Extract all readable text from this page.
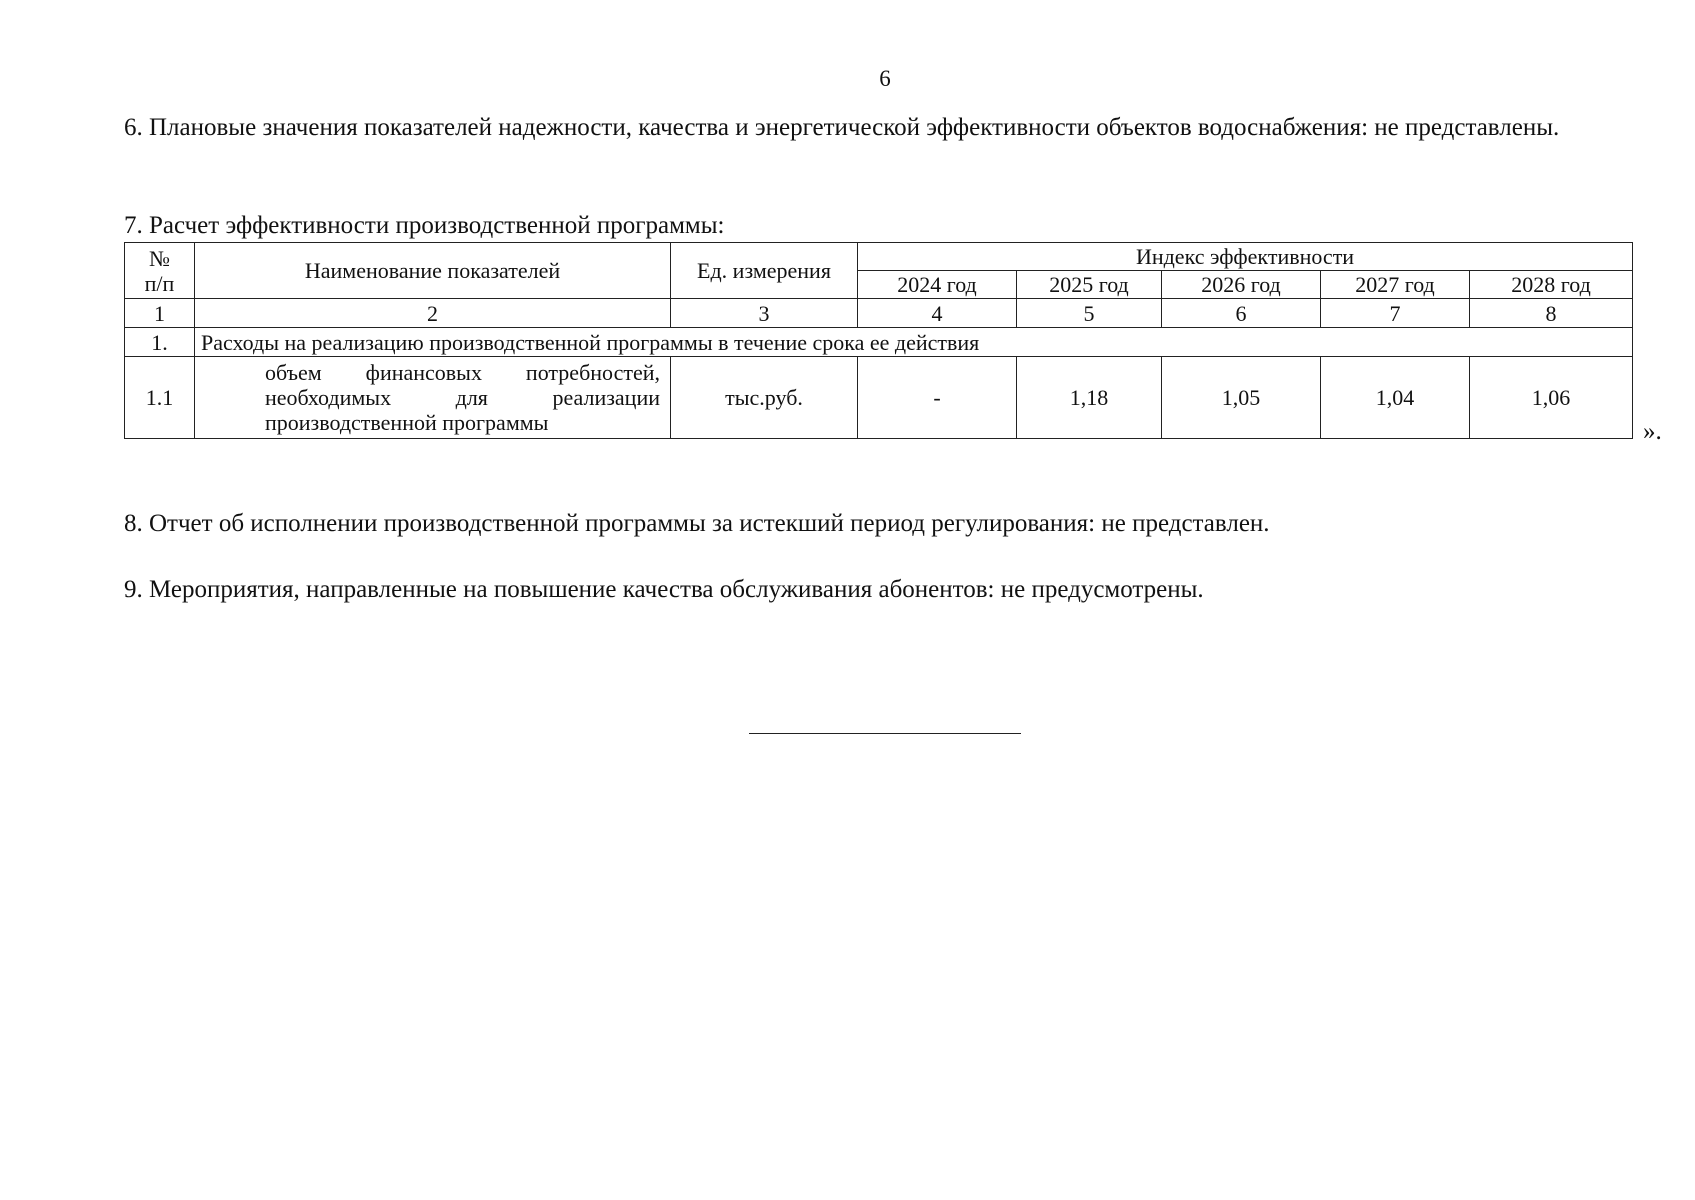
6
6. Плановые значения показателей надежности, качества и энергетической эффективности объектов водоснабжения: не представлены.
7. Расчет эффективности производственной программы:
№ п/п	Наименование показателей	Ед. измерения	Индекс эффективности				
			2024 год	2025 год	2026 год	2027 год	2028 год
1	2	3	4	5	6	7	8
1.	Расходы на реализацию производственной программы в течение срока ее действия						
1.1	объем финансовых потребностей, необходимых для реализации производственной программы	тыс.руб.	-	1,18	1,05	1,04	1,06
».
8. Отчет об исполнении производственной программы за истекший период регулирования: не представлен.
9. Мероприятия, направленные на повышение качества обслуживания абонентов: не предусмотрены.
